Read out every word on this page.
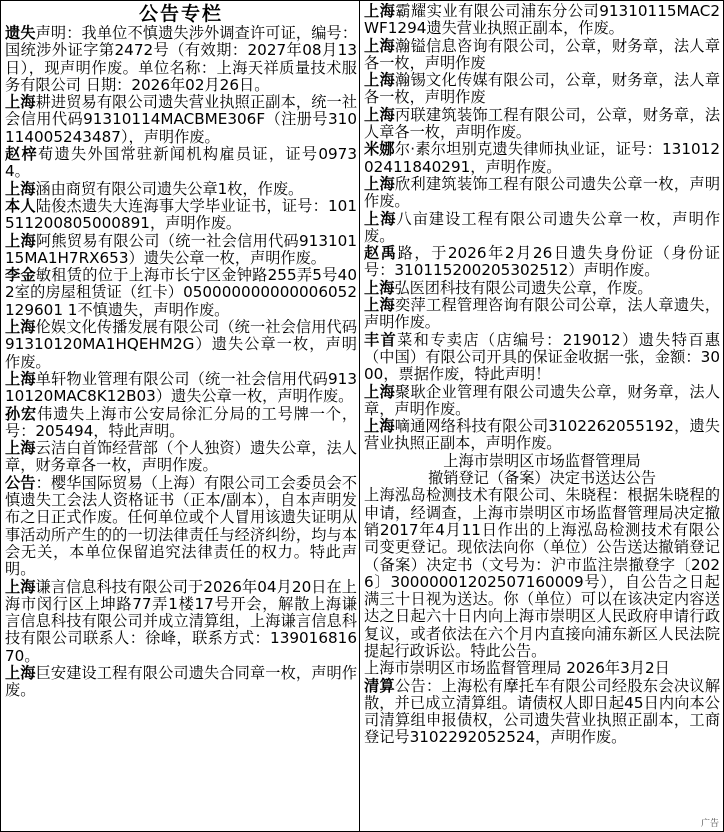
公告专栏

遗失声明：我单位不慎遗失涉外调查许可证，编号：国统涉外证字第2472号（有效期：2027年08月13日），现声明作废。单位名称：上海天祥质量技术服务有限公司 日期：2026年02月26日。

上海耕进贸易有限公司遗失营业执照正副本，统一社会信用代码91310114MACBME306F（注册号310114005243487），声明作废。

赵梓荀遗失外国常驻新闻机构雇员证，证号09734。

上海涵由商贸有限公司遗失公章1枚，作废。

本人陆俊杰遗失大连海事大学毕业证书，证号：101511200805000891，声明作废。

上海阿熊贸易有限公司（统一社会信用代码91310115MA1H7RX653）遗失公章一枚，声明作废。

李金敏租赁的位于上海市长宁区金钟路255弄5号402室的房屋租赁证（红卡）050000000000006052129601 1不慎遗失，声明作废。

上海伦娱文化传播发展有限公司（统一社会信用代码91310120MA1HQEHM2G）遗失公章一枚，声明作废。

上海单轩物业管理有限公司（统一社会信用代码91310120MAC8K12B03）遗失公章一枚，声明作废。

孙宏伟遗失上海市公安局徐汇分局的工号牌一个，号：205494，特此声明。

上海云洁白首饰经营部（个人独资）遗失公章，法人章，财务章各一枚，声明作废。

公告：樱华国际贸易（上海）有限公司工会委员会不慎遗失工会法人资格证书（正本/副本），自本声明发布之日正式作废。任何单位或个人冒用该遗失证明从事活动所产生的的一切法律责任与经济纠纷，均与本会无关，本单位保留追究法律责任的权力。特此声明。

上海谦言信息科技有限公司于2026年04月20日在上海市闵行区上坤路77弄1楼17号开会，解散上海谦言信息科技有限公司并成立清算组，上海谦言信息科技有限公司联系人：徐峰，联系方式：13901681670。

上海巨安建设工程有限公司遗失合同章一枚，声明作废。

上海霸耀实业有限公司浦东分公司91310115MAC2WF1294遗失营业执照正副本，作废。

上海瀚镒信息咨询有限公司，公章，财务章，法人章各一枚，声明作废

上海瀚锡文化传媒有限公司，公章，财务章，法人章各一枚，声明作废

上海丙联建筑装饰工程有限公司，公章，财务章，法人章各一枚，声明作废。

米娜尔·素尔坦别克遗失律师执业证，证号：13101202411840291，声明作废。

上海欣利建筑装饰工程有限公司遗失公章一枚，声明作废。

上海八亩建设工程有限公司遗失公章一枚，声明作废。

赵禹路，于2026年2月26日遗失身份证（身份证号：310115200205302512）声明作废。

上海弘医团科技有限公司遗失公章，作废。

上海奕萍工程管理咨询有限公司公章，法人章遗失，声明作废。

丰首菜和专卖店（店编号：219012）遗失特百惠（中国）有限公司开具的保证金收据一张，金额：3000，票据作废，特此声明！

上海聚耿企业管理有限公司遗失公章，财务章，法人章，声明作废。

上海嘀通网络科技有限公司3102262055192，遗失营业执照正副本，声明作废。

上海市崇明区市场监督管理局

撤销登记（备案）决定书送达公告

上海泓岛检测技术有限公司、朱晓程：根据朱晓程的申请，经调查，上海市崇明区市场监督管理局决定撤销2017年4月11日作出的上海泓岛检测技术有限公司变更登记。现依法向你（单位）公告送达撤销登记（备案）决定书（文号为：沪市监注崇撤登字〔2026〕30000001202507160009号），自公告之日起满三十日视为送达。你（单位）可以在该决定内容送达之日起六十日内向上海市崇明区人民政府申请行政复议，或者依法在六个月内直接向浦东新区人民法院提起行政诉讼。特此公告。

上海市崇明区市场监督管理局 2026年3月2日

清算公告：上海松有摩托车有限公司经股东会决议解散，并已成立清算组。请债权人即日起45日内向本公司清算组申报债权，公司遗失营业执照正副本，工商登记号3102292052524，声明作废。

广告
